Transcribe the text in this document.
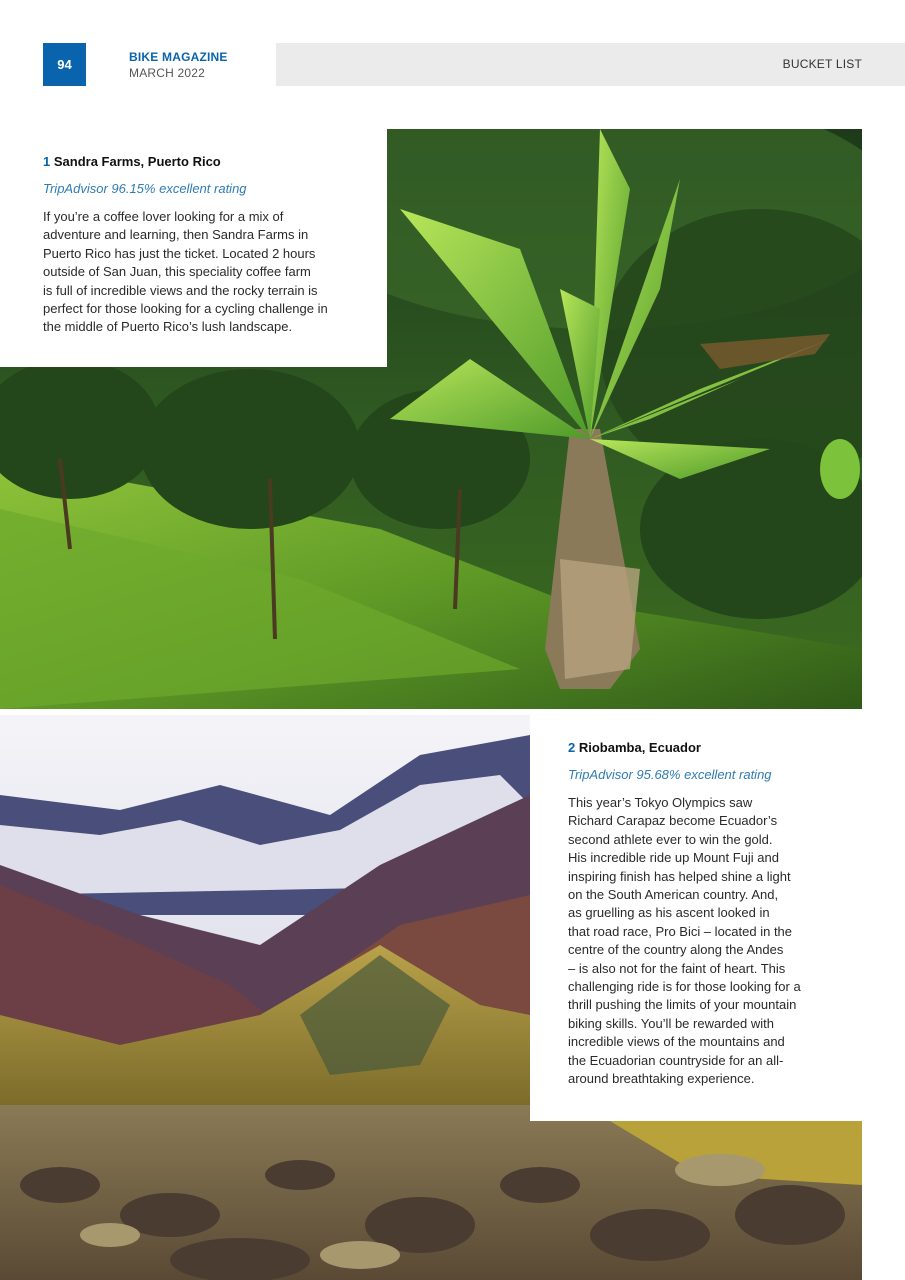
94	BIKE MAGAZINE
MARCH 2022
BUCKET LIST
1 Sandra Farms, Puerto Rico
TripAdvisor 96.15% excellent rating
If you’re a coffee lover looking for a mix of
adventure and learning, then Sandra Farms in
Puerto Rico has just the ticket. Located 2 hours
outside of San Juan, this speciality coffee farm
is full of incredible views and the rocky terrain is
perfect for those looking for a cycling challenge in
the middle of Puerto Rico’s lush landscape.
2 Riobamba, Ecuador
TripAdvisor 95.68% excellent rating
This year’s Tokyo Olympics saw
Richard Carapaz become Ecuador’s
second athlete ever to win the gold.
His incredible ride up Mount Fuji and
inspiring finish has helped shine a light
on the South American country. And,
as gruelling as his ascent looked in
that road race, Pro Bici – located in the
centre of the country along the Andes
– is also not for the faint of heart. This
challenging ride is for those looking for a
thrill pushing the limits of your mountain
biking skills. You’ll be rewarded with
incredible views of the mountains and
the Ecuadorian countryside for an all-
around breathtaking experience.
